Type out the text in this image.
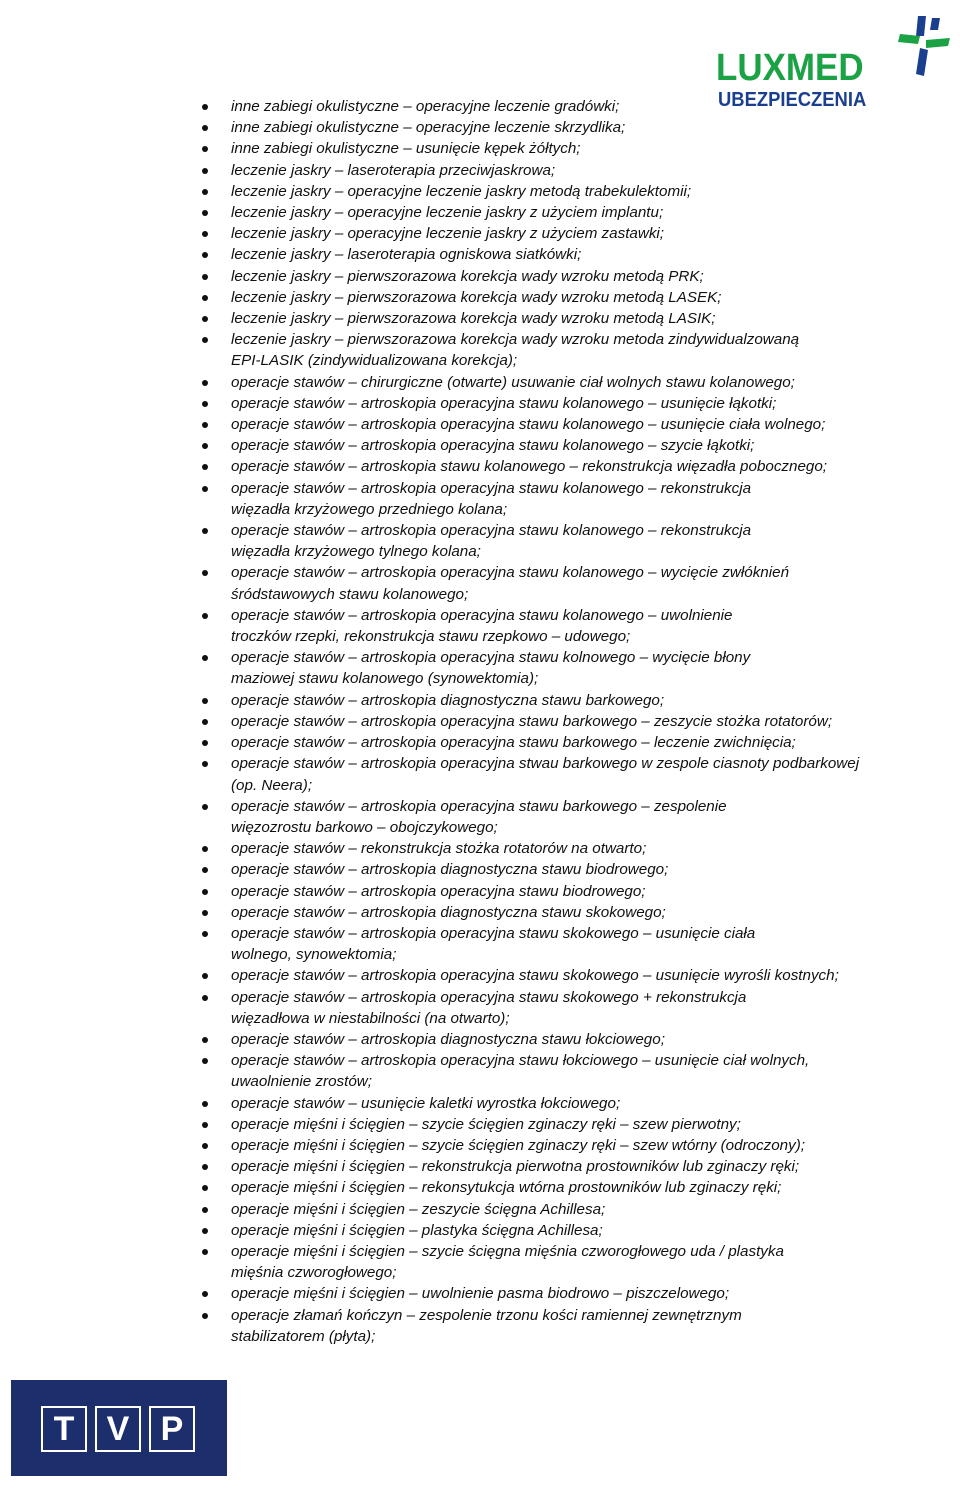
LUXMED
UBEZPIECZENIA
inne zabiegi okulistyczne – operacyjne leczenie gradówki;
inne zabiegi okulistyczne – operacyjne leczenie skrzydlika;
inne zabiegi okulistyczne – usunięcie kępek żółtych;
leczenie jaskry – laseroterapia przeciwjaskrowa;
leczenie jaskry – operacyjne leczenie jaskry metodą trabekulektomii;
leczenie jaskry – operacyjne leczenie jaskry z użyciem implantu;
leczenie jaskry – operacyjne leczenie jaskry z użyciem zastawki;
leczenie jaskry – laseroterapia ogniskowa siatkówki;
leczenie jaskry – pierwszorazowa korekcja wady wzroku metodą PRK;
leczenie jaskry – pierwszorazowa korekcja wady wzroku metodą LASEK;
leczenie jaskry – pierwszorazowa korekcja wady wzroku metodą LASIK;
leczenie jaskry – pierwszorazowa korekcja wady wzroku metoda zindywidualzowaną
EPI-LASIK (zindywidualizowana korekcja);
operacje stawów – chirurgiczne (otwarte) usuwanie ciał wolnych stawu kolanowego;
operacje stawów – artroskopia operacyjna stawu kolanowego – usunięcie łąkotki;
operacje stawów – artroskopia operacyjna stawu kolanowego – usunięcie ciała wolnego;
operacje stawów – artroskopia operacyjna stawu kolanowego – szycie łąkotki;
operacje stawów – artroskopia stawu kolanowego – rekonstrukcja więzadła pobocznego;
operacje stawów – artroskopia operacyjna stawu kolanowego – rekonstrukcja
więzadła krzyżowego przedniego kolana;
operacje stawów – artroskopia operacyjna stawu kolanowego – rekonstrukcja
więzadła krzyżowego tylnego kolana;
operacje stawów – artroskopia operacyjna stawu kolanowego – wycięcie zwłóknień
śródstawowych stawu kolanowego;
operacje stawów – artroskopia operacyjna stawu kolanowego – uwolnienie
troczków rzepki, rekonstrukcja stawu rzepkowo – udowego;
operacje stawów – artroskopia operacyjna stawu kolnowego – wycięcie błony
maziowej stawu kolanowego (synowektomia);
operacje stawów – artroskopia diagnostyczna stawu barkowego;
operacje stawów – artroskopia operacyjna stawu barkowego – zeszycie stożka rotatorów;
operacje stawów – artroskopia operacyjna stawu barkowego – leczenie zwichnięcia;
operacje stawów – artroskopia operacyjna stwau barkowego w zespole ciasnoty podbarkowej
(op. Neera);
operacje stawów – artroskopia operacyjna stawu barkowego – zespolenie
więzozrostu barkowo – obojczykowego;
operacje stawów – rekonstrukcja stożka rotatorów na otwarto;
operacje stawów – artroskopia diagnostyczna stawu biodrowego;
operacje stawów – artroskopia operacyjna stawu biodrowego;
operacje stawów – artroskopia diagnostyczna stawu skokowego;
operacje stawów – artroskopia operacyjna stawu skokowego – usunięcie ciała
wolnego, synowektomia;
operacje stawów – artroskopia operacyjna stawu skokowego – usunięcie wyrośli kostnych;
operacje stawów – artroskopia operacyjna stawu skokowego + rekonstrukcja
więzadłowa w niestabilności (na otwarto);
operacje stawów – artroskopia diagnostyczna stawu łokciowego;
operacje stawów – artroskopia operacyjna stawu łokciowego – usunięcie ciał wolnych,
uwaolnienie zrostów;
operacje stawów – usunięcie kaletki wyrostka łokciowego;
operacje mięśni i ścięgien – szycie ścięgien zginaczy ręki – szew pierwotny;
operacje mięśni i ścięgien – szycie ścięgien zginaczy ręki – szew wtórny (odroczony);
operacje mięśni i ścięgien – rekonstrukcja pierwotna prostowników lub zginaczy ręki;
operacje mięśni i ścięgien – rekonsytukcja wtórna prostowników lub zginaczy ręki;
operacje mięśni i ścięgien – zeszycie ścięgna Achillesa;
operacje mięśni i ścięgien – plastyka ścięgna Achillesa;
operacje mięśni i ścięgien – szycie ścięgna mięśnia czworogłowego uda / plastyka
mięśnia czworogłowego;
operacje mięśni i ścięgien – uwolnienie pasma biodrowo – piszczelowego;
operacje złamań kończyn – zespolenie trzonu kości ramiennej zewnętrznym
stabilizatorem (płyta);
T V P
